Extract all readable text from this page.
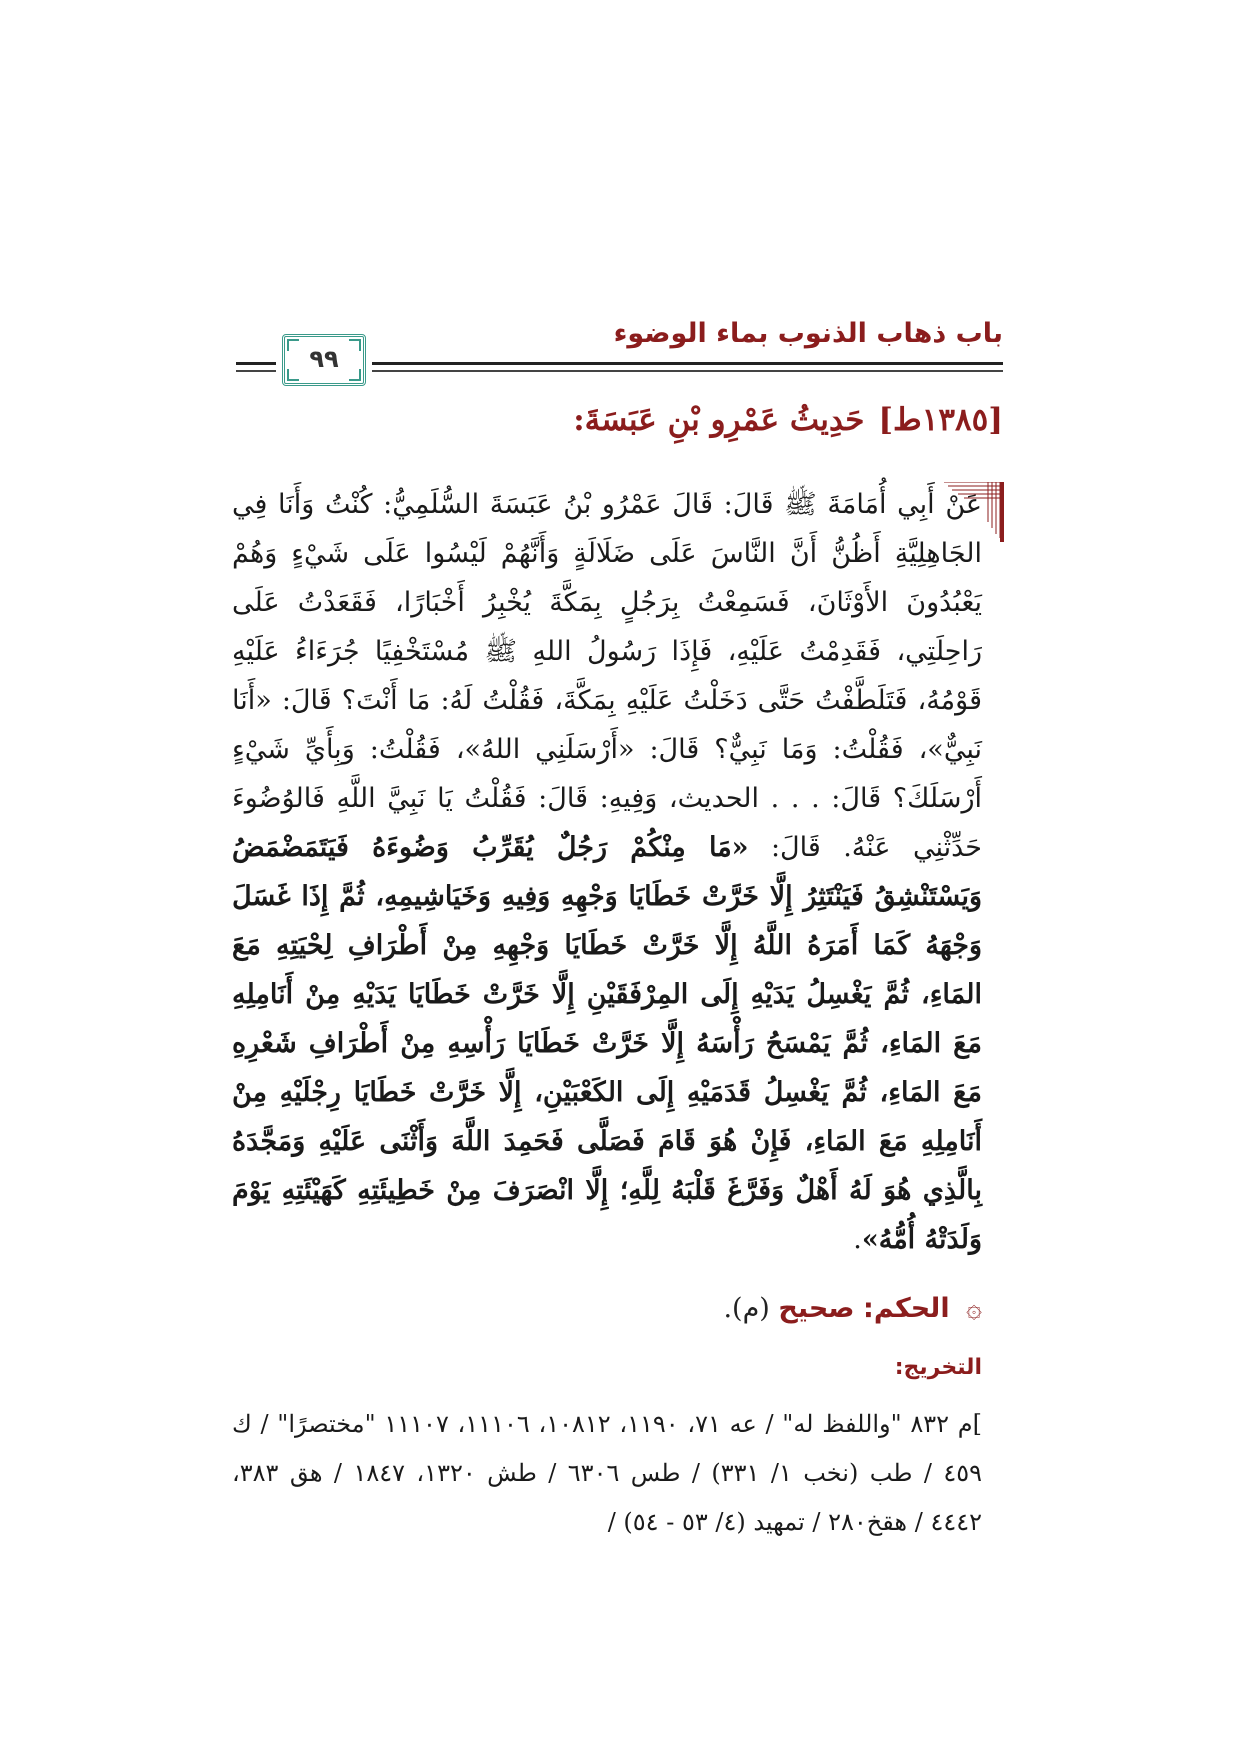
باب ذهاب الذنوب بماء الوضوء
٩٩
[١٣٨٥ط]حَدِيثُ عَمْرِو بْنِ عَبَسَةَ:
عَنْ أَبِي أُمَامَةَ ﷺ قَالَ: قَالَ عَمْرُو بْنُ عَبَسَةَ السُّلَمِيُّ: كُنْتُ وَأَنَا فِي الجَاهِلِيَّةِ أَظُنُّ أَنَّ النَّاسَ عَلَى ضَلَالَةٍ وَأَنَّهُمْ لَيْسُوا عَلَى شَيْءٍ وَهُمْ يَعْبُدُونَ الأَوْثَانَ، فَسَمِعْتُ بِرَجُلٍ بِمَكَّةَ يُخْبِرُ أَخْبَارًا، فَقَعَدْتُ عَلَى رَاحِلَتِي، فَقَدِمْتُ عَلَيْهِ، فَإِذَا رَسُولُ اللهِ ﷺ مُسْتَخْفِيًا جُرَءَاءُ عَلَيْهِ قَوْمُهُ، فَتَلَطَّفْتُ حَتَّى دَخَلْتُ عَلَيْهِ بِمَكَّةَ، فَقُلْتُ لَهُ: مَا أَنْتَ؟ قَالَ: «أَنَا نَبِيٌّ»، فَقُلْتُ: وَمَا نَبِيٌّ؟ قَالَ: «أَرْسَلَنِي اللهُ»، فَقُلْتُ: وَبِأَيِّ شَيْءٍ أَرْسَلَكَ؟ قَالَ: . . . الحديث، وَفِيهِ: قَالَ: فَقُلْتُ يَا نَبِيَّ اللَّهِ فَالوُضُوءَ حَدِّثْنِي عَنْهُ. قَالَ: «مَا مِنْكُمْ رَجُلٌ يُقَرِّبُ وَضُوءَهُ فَيَتَمَضْمَضُ وَيَسْتَنْشِقُ فَيَنْتَثِرُ إِلَّا خَرَّتْ خَطَايَا وَجْهِهِ وَفِيهِ وَخَيَاشِيمِهِ، ثُمَّ إِذَا غَسَلَ وَجْهَهُ كَمَا أَمَرَهُ اللَّهُ إِلَّا خَرَّتْ خَطَايَا وَجْهِهِ مِنْ أَطْرَافِ لِحْيَتِهِ مَعَ المَاءِ، ثُمَّ يَغْسِلُ يَدَيْهِ إِلَى المِرْفَقَيْنِ إِلَّا خَرَّتْ خَطَايَا يَدَيْهِ مِنْ أَنَامِلِهِ مَعَ المَاءِ، ثُمَّ يَمْسَحُ رَأْسَهُ إِلَّا خَرَّتْ خَطَايَا رَأْسِهِ مِنْ أَطْرَافِ شَعْرِهِ مَعَ المَاءِ، ثُمَّ يَغْسِلُ قَدَمَيْهِ إِلَى الكَعْبَيْنِ، إِلَّا خَرَّتْ خَطَايَا رِجْلَيْهِ مِنْ أَنَامِلِهِ مَعَ المَاءِ، فَإِنْ هُوَ قَامَ فَصَلَّى فَحَمِدَ اللَّهَ وَأَثْنَى عَلَيْهِ وَمَجَّدَهُ بِالَّذِي هُوَ لَهُ أَهْلٌ وَفَرَّغَ قَلْبَهُ لِلَّهِ؛ إِلَّا انْصَرَفَ مِنْ خَطِيئَتِهِ كَهَيْئَتِهِ يَوْمَ وَلَدَتْهُ أُمُّهُ».
۞ الحكم: صحيح (م).
التخريج:
]م ٨٣٢ "واللفظ له" / عه ٧١، ١١٩٠، ١٠٨١٢، ١١١٠٦، ١١١٠٧ "مختصرًا" / ك ٤٥٩ / طب (نخب ١/ ٣٣١) / طس ٦٣٠٦ / طش ١٣٢٠، ١٨٤٧ / هق ٣٨٣، ٤٤٤٢ / هقخ٢٨٠ / تمهيد (٤/ ٥٣ - ٥٤) /
